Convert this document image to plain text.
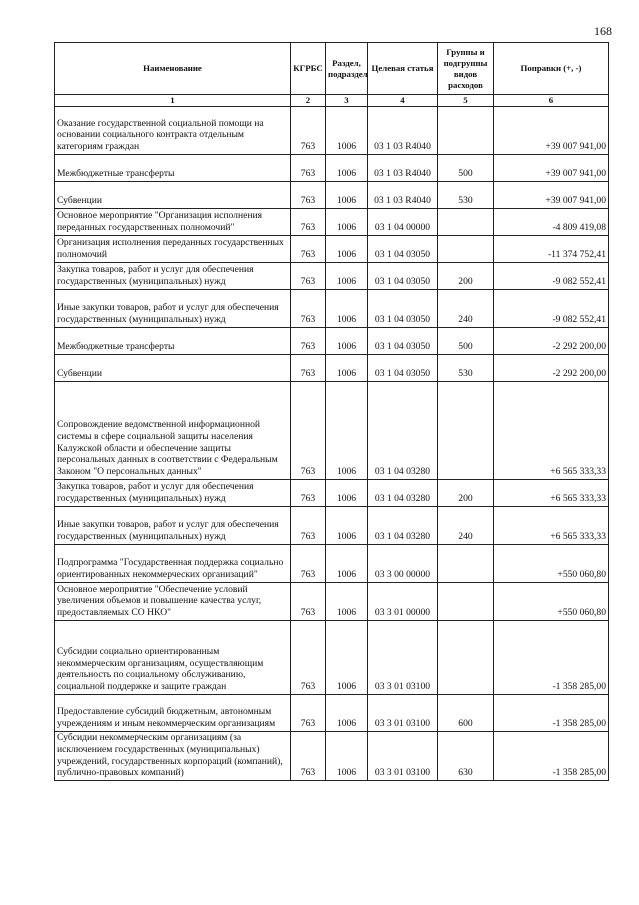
168
Наименование	КГРБС	Раздел, подраздел	Целевая статья	Группы и подгруппы видов расходов	Поправки (+, -)
1	2	3	4	5	6
Оказание государственной социальной помощи на основании социального контракта отдельным категориям граждан	763	1006	03 1 03 R4040		+39 007 941,00
Межбюджетные трансферты	763	1006	03 1 03 R4040	500	+39 007 941,00
Субвенции	763	1006	03 1 03 R4040	530	+39 007 941,00
Основное мероприятие "Организация исполнения переданных государственных полномочий"	763	1006	03 1 04 00000		-4 809 419,08
Организация исполнения переданных государственных полномочий	763	1006	03 1 04 03050		-11 374 752,41
Закупка товаров, работ и услуг для обеспечения государственных (муниципальных) нужд	763	1006	03 1 04 03050	200	-9 082 552,41
Иные закупки товаров, работ и услуг для обеспечения государственных (муниципальных) нужд	763	1006	03 1 04 03050	240	-9 082 552,41
Межбюджетные трансферты	763	1006	03 1 04 03050	500	-2 292 200,00
Субвенции	763	1006	03 1 04 03050	530	-2 292 200,00
Сопровождение ведомственной информационной системы в сфере социальной защиты населения Калужской области и обеспечение защиты персональных данных в соответствии с Федеральным Законом "О персональных данных"	763	1006	03 1 04 03280		+6 565 333,33
Закупка товаров, работ и услуг для обеспечения государственных (муниципальных) нужд	763	1006	03 1 04 03280	200	+6 565 333,33
Иные закупки товаров, работ и услуг для обеспечения государственных (муниципальных) нужд	763	1006	03 1 04 03280	240	+6 565 333,33
Подпрограмма "Государственная поддержка социально ориентированных некоммерческих организаций"	763	1006	03 3 00 00000		+550 060,80
Основное мероприятие "Обеспечение условий увеличения объемов и повышение качества услуг, предоставляемых СО НКО"	763	1006	03 3 01 00000		+550 060,80
Субсидии социально ориентированным некоммерческим организациям, осуществляющим деятельность по социальному обслуживанию, социальной поддержке и защите граждан	763	1006	03 3 01 03100		-1 358 285,00
Предоставление субсидий бюджетным, автономным учреждениям и иным некоммерческим организациям	763	1006	03 3 01 03100	600	-1 358 285,00
Субсидии некоммерческим организациям (за исключением государственных (муниципальных) учреждений, государственных корпораций (компаний), публично-правовых компаний)	763	1006	03 3 01 03100	630	-1 358 285,00
